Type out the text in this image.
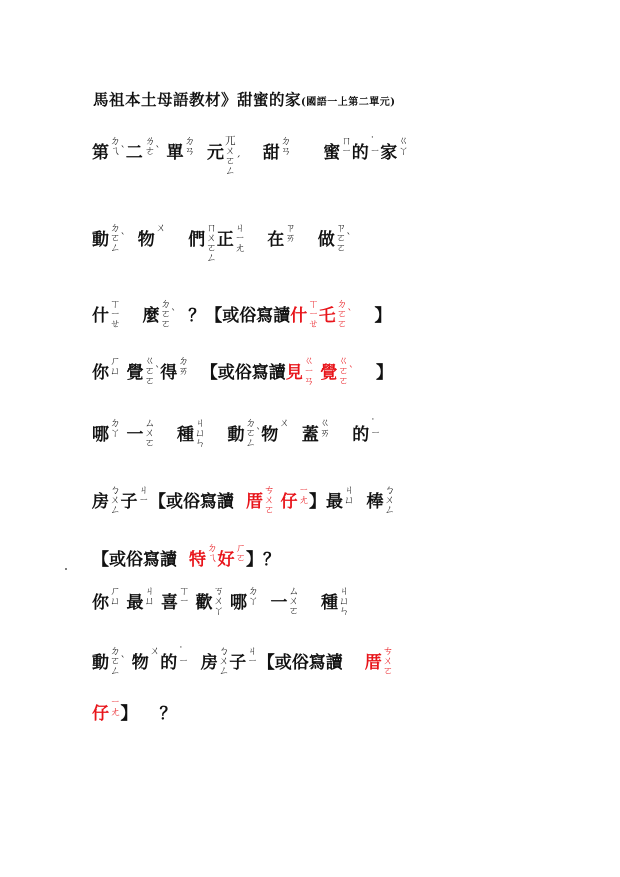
馬祖本土母語教材》甜蜜的家(國語一上第二單元)
第
ㄉ
ㄟˋ 二
ㄌ
ㄜˋ 單
ㄉ
ㄢ 元
ㄫ
ㄨ
ㄛˊ
ㄥ
甜
ㄉ
ㄢ 蜜
ㄇ
ㄧ 的
˙
ㄧ 家
ㄍ
ㄚ
動
ㄉ
ㄛˋ
ㄥ	物
ㄨ
們
ㄇ
ㄨ
ㄛ
ㄥ
正
ㄐ
ㄧ
ㄤ 在
ㄗ
ㄞ 做
ㄗ
ㄛˋ
ㄛ
什
ㄒ
ㄧ
ㄝ 麼
ㄉ
ㄛˋ
ㄛ	？【或俗寫讀 什
ㄒ
ㄧ
ㄝ 乇
ㄉ
ㄛˋ
ㄛ	】
你
ㄏ
ㄩ 覺
ㄍ
ㄛˋ
ㄛ 得
ㄉ
ㄞ 【或俗寫讀 見
ㄍ
ㄧ
ㄢ 覺
ㄍ
ㄛˋ
ㄛ	】
哪
ㄉ
ㄚ 一
ㄙ
ㄨ
ㄛ 種
ㄐ
ㄩ
ㄣ 動
ㄉ
ㄛˋ
ㄥ 物
ㄨ
蓋
ㄍ
ㄞ 的
˙
ㄧ
房
ㄅ
ㄨ
ㄥ 子
ㄐ
ㄧ 【或俗寫讀 厝
ㄘ
ㄨ
ㄛ 仔
ㄧ
ㄤ 】最
ㄐ
ㄩ 棒
ㄅ
ㄨ
ㄥ
【或俗寫讀 特
ㄉ
ㄟ 好
ㄏ
ㄛ 】？
你
ㄏ
ㄩ 最
ㄐ
ㄩ 喜
ㄒ
ㄧ 歡
ㄎ
ㄨ
ㄚ 哪
ㄉ
ㄚ 一
ㄙ
ㄨ
ㄛ 種
ㄐ
ㄩ
ㄣ
動
ㄉ
ㄛˋ
ㄥ 物
ㄨ
的
˙
ㄧ 房
ㄅ
ㄨ
ㄥ 子
ㄐ
ㄧ 【或俗寫讀 厝
ㄘ
ㄨ
ㄛ
仔
ㄧ
ㄤ 】 ？
